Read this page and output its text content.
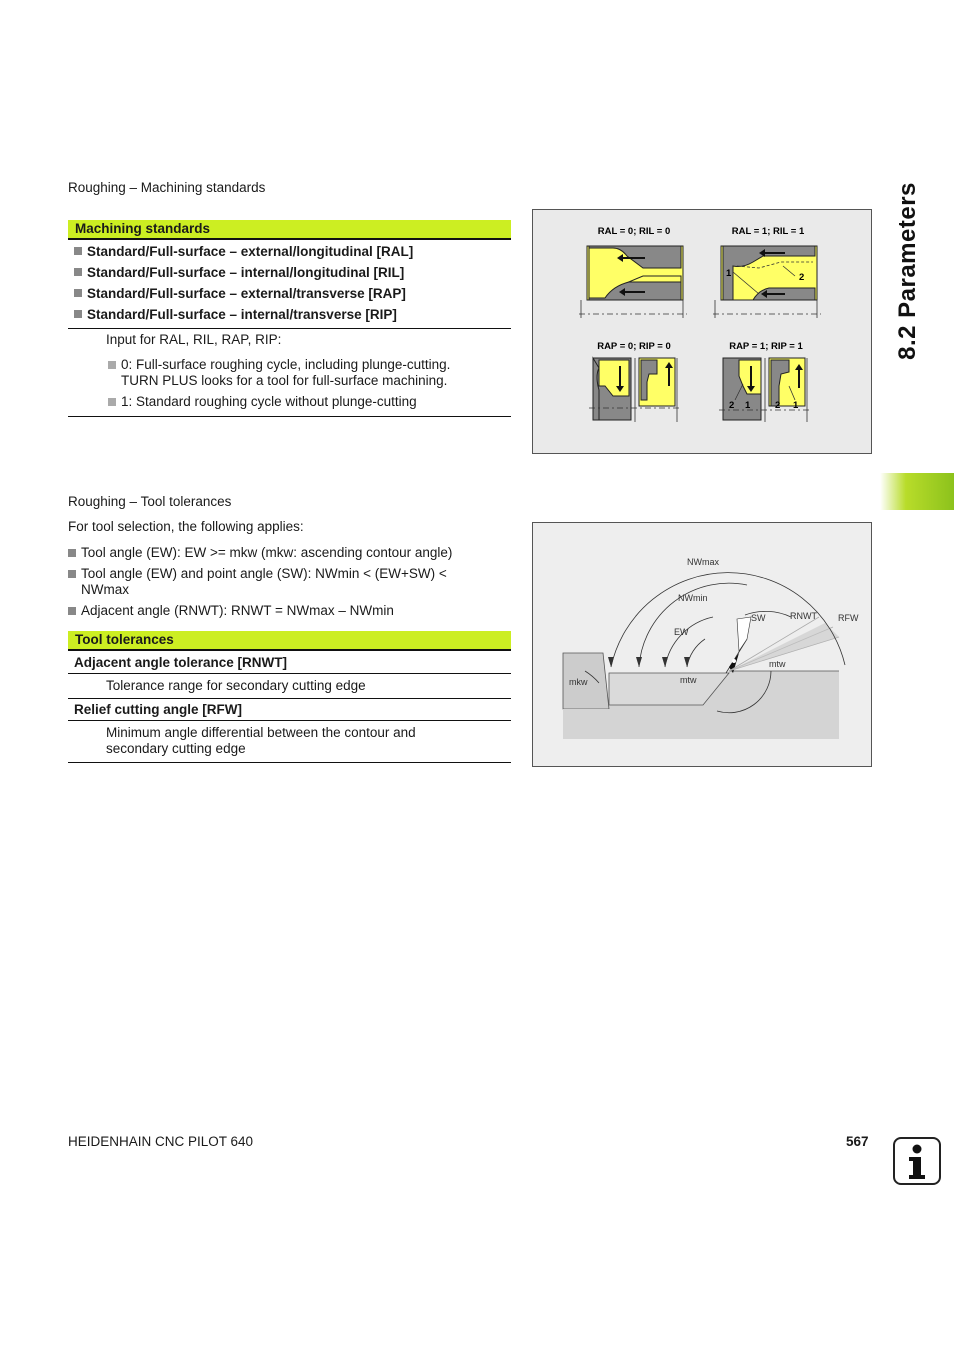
8.2 Parameters
Roughing – Machining standards
Machining standards
Standard/Full-surface – external/longitudinal [RAL]
Standard/Full-surface – internal/longitudinal [RIL]
Standard/Full-surface – external/transverse [RAP]
Standard/Full-surface – internal/transverse [RIP]
Input for RAL, RIL, RAP, RIP:
0: Full-surface roughing cycle, including plunge-cutting. TURN PLUS looks for a tool for full-surface machining.
1: Standard roughing cycle without plunge-cutting
RAL = 0; RIL = 0	RAL = 1; RIL = 1
RAP = 0; RIP = 0	RAP = 1; RIP = 1
1	2
2 1	2 1
Roughing – Tool tolerances
For tool selection, the following applies:
Tool angle (EW): EW >= mkw (mkw: ascending contour angle)
Tool angle (EW) and point angle (SW): NWmin < (EW+SW) < NWmax
Adjacent angle (RNWT): RNWT = NWmax – NWmin
Tool tolerances
Adjacent angle tolerance [RNWT]
Tolerance range for secondary cutting edge
Relief cutting angle [RFW]
Minimum angle differential between the contour and secondary cutting edge
NWmax
NWmin
EW
SW	RNWT RFW
mkw	mtw
mtw
HEIDENHAIN CNC PILOT 640	567
